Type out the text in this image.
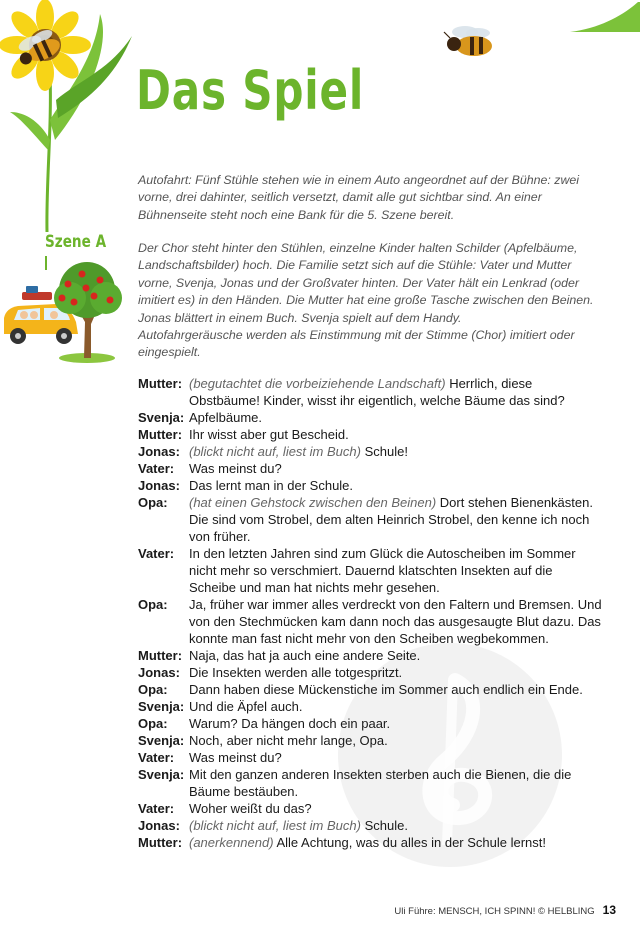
Das Spiel
Szene A

Autofahrt: Fünf Stühle stehen wie in einem Auto angeordnet auf der Bühne: zwei vorne, drei dahinter, seitlich versetzt, damit alle gut sichtbar sind. An einer Bühnenseite steht noch eine Bank für die 5. Szene bereit.

Der Chor steht hinter den Stühlen, einzelne Kinder halten Schilder (Apfelbäume, Landschaftsbilder) hoch. Die Familie setzt sich auf die Stühle: Vater und Mutter vorne, Svenja, Jonas und der Großvater hinten. Der Vater hält ein Lenkrad (oder imitiert es) in den Händen. Die Mutter hat eine große Tasche zwischen den Beinen. Jonas blättert in einem Buch. Svenja spielt auf dem Handy.

Autofahrgeräusche werden als Einstimmung mit der Stimme (Chor) imitiert oder eingespielt.

Mutter: (begutachtet die vorbeiziehende Landschaft) Herrlich, diese Obstbäume! Kinder, wisst ihr eigentlich, welche Bäume das sind?
Svenja: Apfelbäume.
Mutter: Ihr wisst aber gut Bescheid.
Jonas: (blickt nicht auf, liest im Buch) Schule!
Vater:	Was meinst du?
Jonas: Das lernt man in der Schule.
Opa:	(hat einen Gehstock zwischen den Beinen) Dort stehen Bienenkästen. Die sind vom Strobel, dem alten Heinrich Strobel, den kenne ich noch von früher.
Vater:	In den letzten Jahren sind zum Glück die Autoscheiben im Sommer nicht mehr so verschmiert. Dauernd klatschten Insekten auf die Scheibe und man hat nichts mehr gesehen.
Opa:	Ja, früher war immer alles verdreckt von den Faltern und Bremsen. Und von den Stechmücken kam dann noch das ausgesaugte Blut dazu. Das konnte man fast nicht mehr von den Scheiben wegbekommen.
Mutter: Naja, das hat ja auch eine andere Seite.
Jonas: Die Insekten werden alle totgespritzt.
Opa:	Dann haben diese Mückenstiche im Sommer auch endlich ein Ende.
Svenja: Und die Äpfel auch.
Opa:	Warum? Da hängen doch ein paar.
Svenja: Noch, aber nicht mehr lange, Opa.
Vater:	Was meinst du?
Svenja: Mit den ganzen anderen Insekten sterben auch die Bienen, die die Bäume bestäuben.
Vater:	Woher weißt du das?
Jonas: (blickt nicht auf, liest im Buch) Schule.
Mutter: (anerkennend) Alle Achtung, was du alles in der Schule lernst!
Uli Führe: MENSCH, ICH SPINN! © HELBLING 13
